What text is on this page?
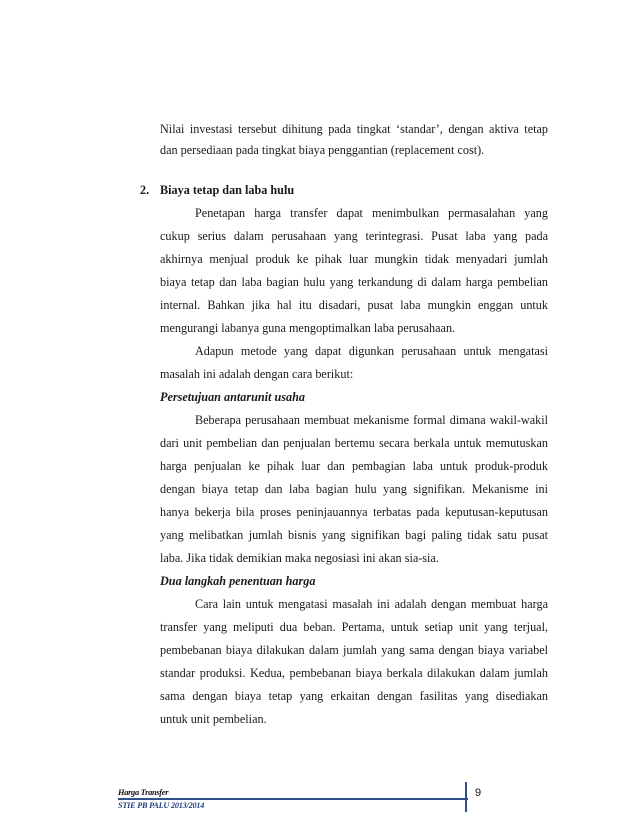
Nilai investasi tersebut dihitung pada tingkat ‘standar’, dengan aktiva tetap
dan persediaan pada tingkat biaya penggantian (replacement cost).
2. Biaya tetap dan laba hulu
Penetapan harga transfer dapat menimbulkan permasalahan yang
cukup serius dalam perusahaan yang terintegrasi. Pusat laba yang pada
akhirnya menjual produk ke pihak luar mungkin tidak menyadari jumlah
biaya tetap dan laba bagian hulu yang terkandung di dalam harga pembelian
internal. Bahkan jika hal itu disadari, pusat laba mungkin enggan untuk
mengurangi labanya guna mengoptimalkan laba perusahaan.
Adapun metode yang dapat digunkan perusahaan untuk mengatasi
masalah ini adalah dengan cara berikut:
Persetujuan antarunit usaha
Beberapa perusahaan membuat mekanisme formal dimana wakil-wakil
dari unit pembelian dan penjualan bertemu secara berkala untuk memutuskan
harga penjualan ke pihak luar dan pembagian laba untuk produk-produk
dengan biaya tetap dan laba bagian hulu yang signifikan. Mekanisme ini
hanya bekerja bila proses peninjauannya terbatas pada keputusan-keputusan
yang melibatkan jumlah bisnis yang signifikan bagi paling tidak satu pusat
laba. Jika tidak demikian maka negosiasi ini akan sia-sia.
Dua langkah penentuan harga
Cara lain untuk mengatasi masalah ini adalah dengan membuat harga
transfer yang meliputi dua beban. Pertama, untuk setiap unit yang terjual,
pembebanan biaya dilakukan dalam jumlah yang sama dengan biaya variabel
standar produksi. Kedua, pembebanan biaya berkala dilakukan dalam jumlah
sama dengan biaya tetap yang erkaitan dengan fasilitas yang disediakan
untuk unit pembelian.
Harga Transfer	9
STIE PB PALU 2013/2014
